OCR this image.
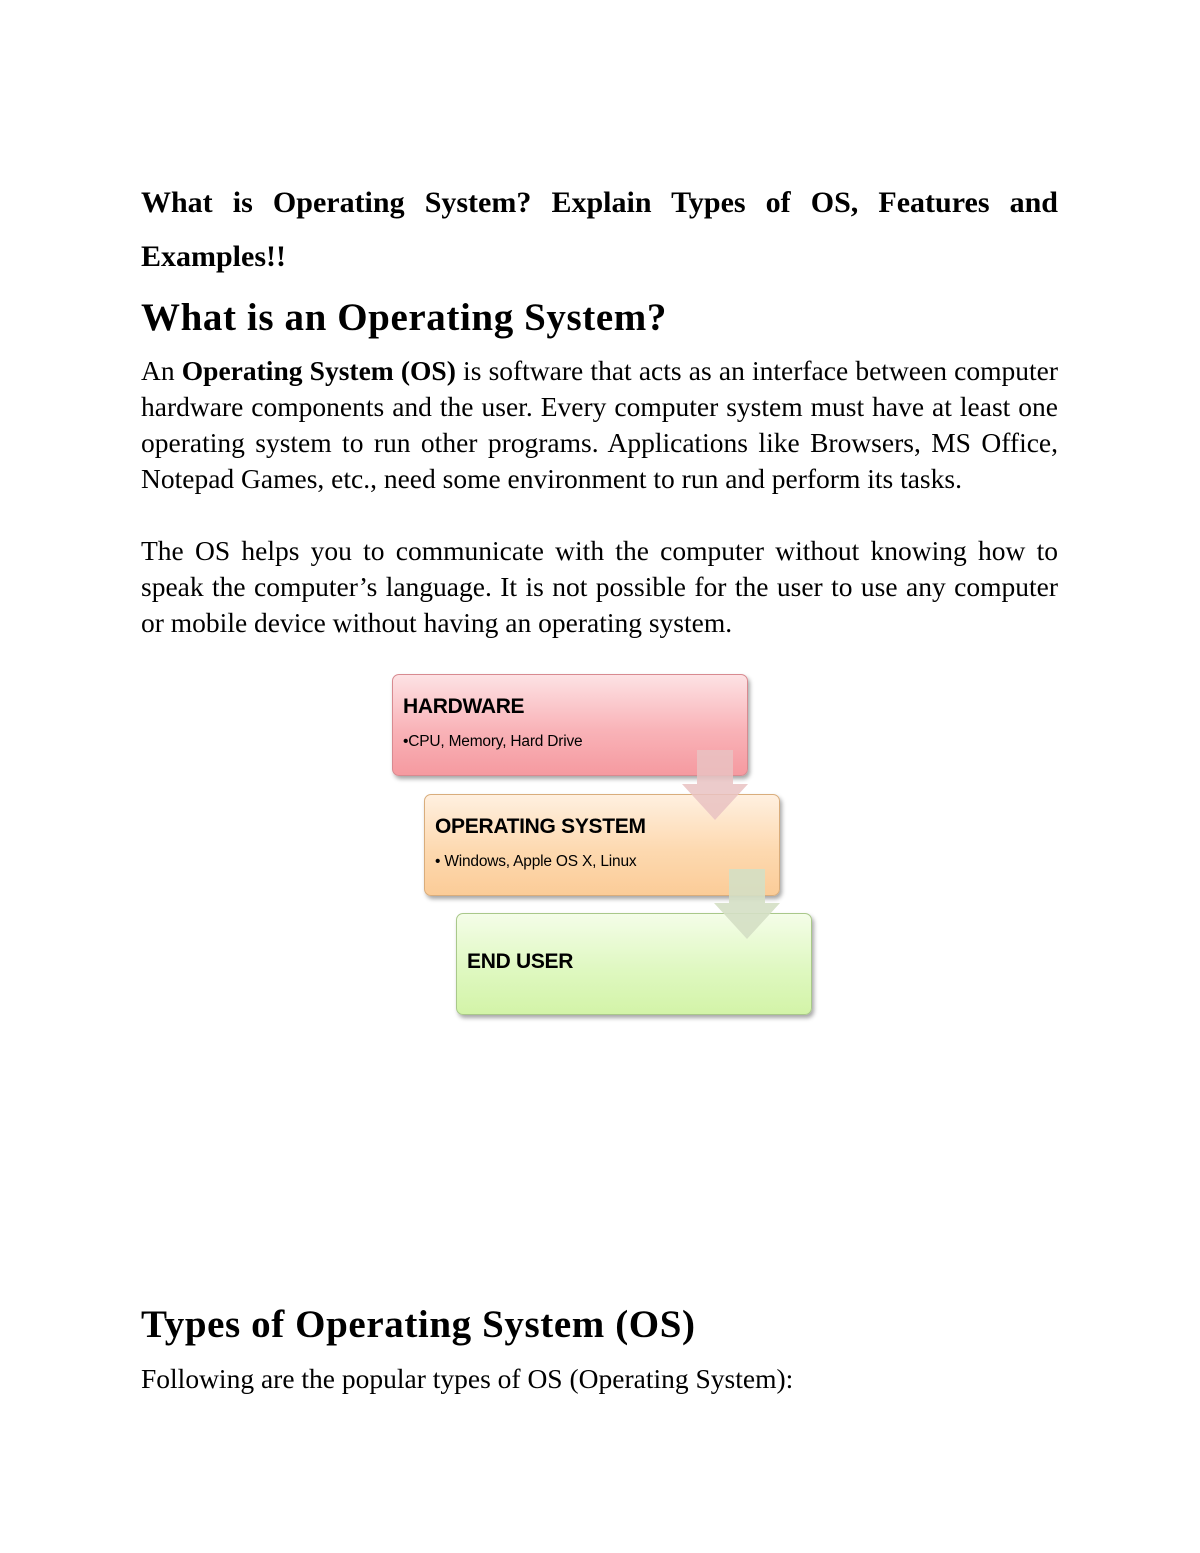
What is Operating System? Explain Types of OS, Features and Examples!!
What is an Operating System?

An Operating System (OS) is software that acts as an interface between computer hardware components and the user. Every computer system must have at least one operating system to run other programs. Applications like Browsers, MS Office, Notepad Games, etc., need some environment to run and perform its tasks.

The OS helps you to communicate with the computer without knowing how to speak the computer’s language. It is not possible for the user to use any computer or mobile device without having an operating system.

HARDWARE
•CPU, Memory, Hard Drive
OPERATING SYSTEM
• Windows, Apple OS X, Linux
END USER
Types of Operating System (OS)

Following are the popular types of OS (Operating System):
